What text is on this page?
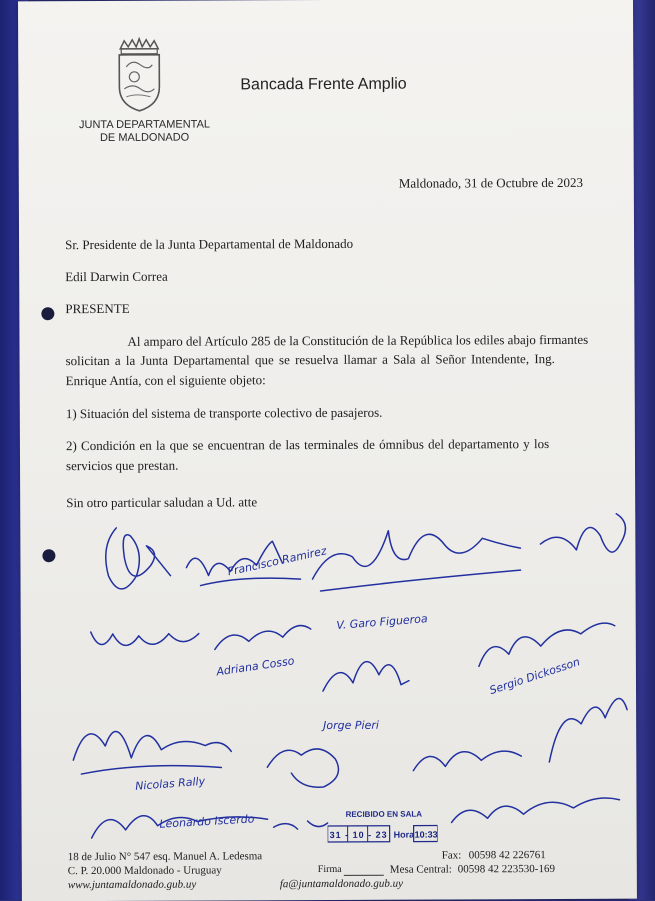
JUNTA DEPARTAMENTAL
DE MALDONADO
Bancada Frente Amplio
Maldonado, 31 de Octubre de 2023
Sr. Presidente de la Junta Departamental de Maldonado
Edil Darwin Correa
PRESENTE
Al amparo del Artículo 285 de la Constitución de la República los ediles abajo firmantes
solicitan a la Junta Departamental que se resuelva llamar a Sala al Señor Intendente, Ing.
Enrique Antía, con el siguiente objeto:
1) Situación del sistema de transporte colectivo de pasajeros.
2) Condición en la que se encuentran de las terminales de ómnibus del departamento y los
servicios que prestan.
Sin otro particular saludan a Ud. atte
Francisco Ramirez
V. Garo Figueroa
Adriana Cosso	Sergio Dickosson
Jorge Pieri
Nicolas Rally
Leonardo Iscerdo	RECIBIDO EN SALA
31 - 10 - 23 Hora 10:33
18 de Julio N° 547 esq. Manuel A. Ledesma
C. P. 20.000 Maldonado - Uruguay
www.juntamaldonado.gub.uy	fa@juntamaldonado.gub.uy
Firma
Fax: 00598 42 226761
Mesa Central: 00598 42 223530-169
